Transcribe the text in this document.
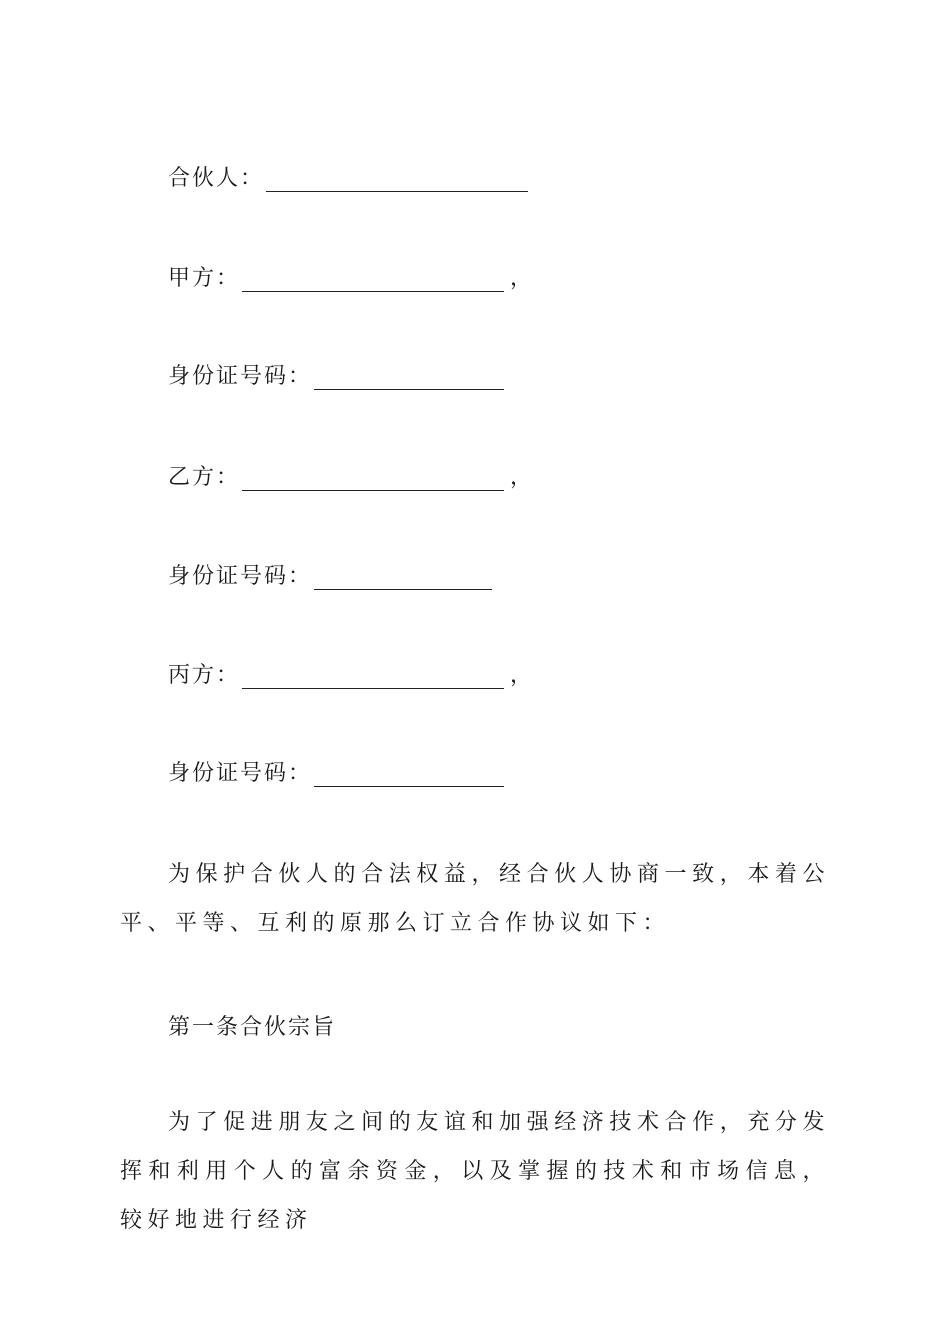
合伙人：
甲方：	，
身份证号码：
乙方：	，
身份证号码：
丙方：	，
身份证号码：

为保护合伙人的合法权益，经合伙人协商一致，本着公平、平等、互利的原那么订立合作协议如下：

第一条合伙宗旨

为了促进朋友之间的友谊和加强经济技术合作，充分发挥和利用个人的富余资金，以及掌握的技术和市场信息，较好地进行经济
